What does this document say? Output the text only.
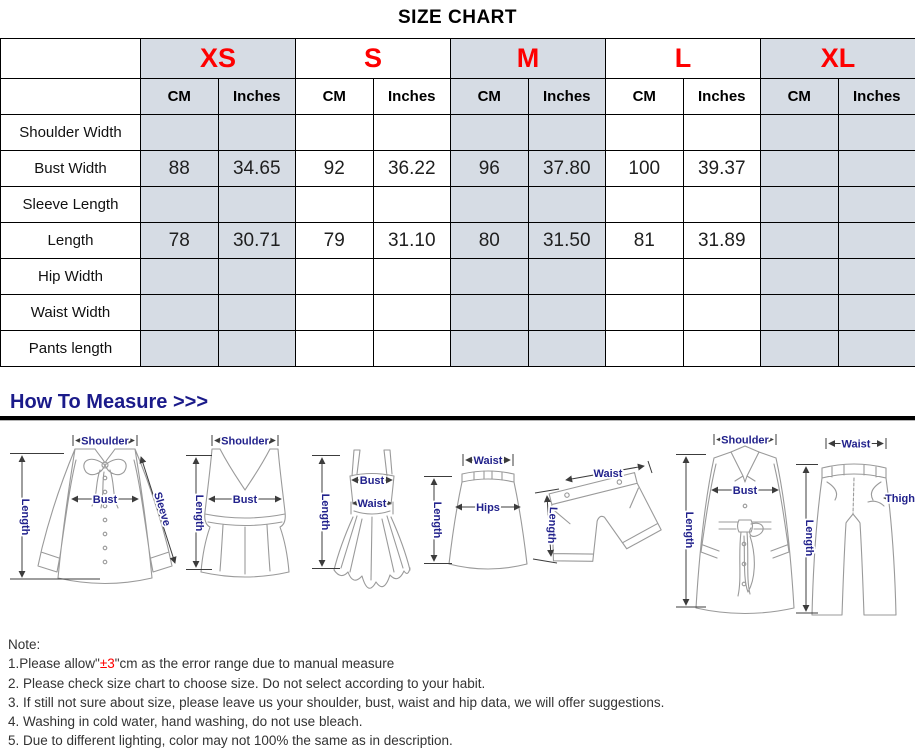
SIZE CHART
	XS		S		M		L		XL	
	CM	Inches	CM	Inches	CM	Inches	CM	Inches	CM	Inches
Shoulder Width										
Bust Width	88	34.65	92	36.22	96	37.80	100	39.37		
Sleeve Length										
Length	78	30.71	79	31.10	80	31.50	81	31.89		
Hip Width										
Waist Width										
Pants length										
How To Measure >>>
Shoulder
Bust
Length	Sleeve
Shoulder
Bust
Length
Bust
Waist
Length
Waist
Hips
Length
Waist
Length
Shoulder
Bust
Length
Waist
Thigh
Length
Note:
1.Please allow"±3"cm as the error range due to manual measure
2. Please check size chart to choose size. Do not select according to your habit.
3. If still not sure about size, please leave us your shoulder, bust, waist and hip data, we will offer suggestions.
4. Washing in cold water, hand washing, do not use bleach.
5. Due to different lighting, color may not 100% the same as in description.
